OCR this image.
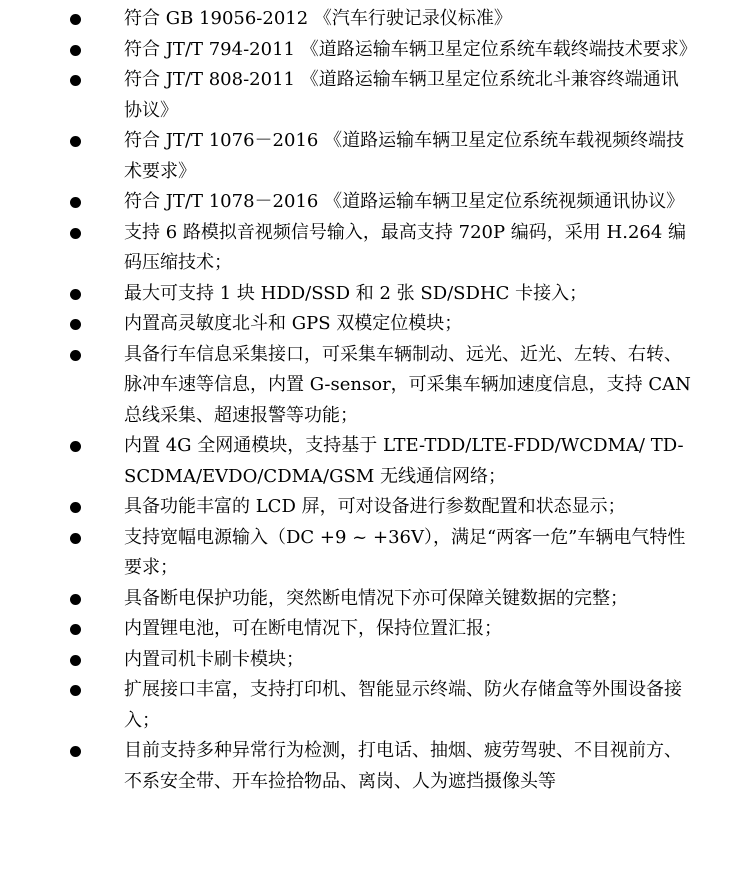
符合 GB 19056-2012 《汽车行驶记录仪标准》
符合 JT/T 794-2011 《道路运输车辆卫星定位系统车载终端技术要求》
符合 JT/T 808-2011 《道路运输车辆卫星定位系统北斗兼容终端通讯协议》
符合 JT/T 1076－2016 《道路运输车辆卫星定位系统车载视频终端技术要求》
符合 JT/T 1078－2016 《道路运输车辆卫星定位系统视频通讯协议》
支持 6 路模拟音视频信号输入，最高支持 720P 编码，采用 H.264 编码压缩技术；
最大可支持 1 块 HDD/SSD 和 2 张 SD/SDHC 卡接入；
内置高灵敏度北斗和 GPS 双模定位模块；
具备行车信息采集接口，可采集车辆制动、远光、近光、左转、右转、脉冲车速等信息，内置 G-sensor，可采集车辆加速度信息，支持 CAN 总线采集、超速报警等功能；
内置 4G 全网通模块，支持基于 LTE-TDD/LTE-FDD/WCDMA/ TD-SCDMA/EVDO/CDMA/GSM 无线通信网络；
具备功能丰富的 LCD 屏，可对设备进行参数配置和状态显示；
支持宽幅电源输入（DC +9 ~ +36V），满足“两客一危”车辆电气特性要求；
具备断电保护功能，突然断电情况下亦可保障关键数据的完整；
内置锂电池，可在断电情况下，保持位置汇报；
内置司机卡刷卡模块；
扩展接口丰富，支持打印机、智能显示终端、防火存储盒等外围设备接入；
目前支持多种异常行为检测，打电话、抽烟、疲劳驾驶、不目视前方、不系安全带、开车捡拾物品、离岗、人为遮挡摄像头等
